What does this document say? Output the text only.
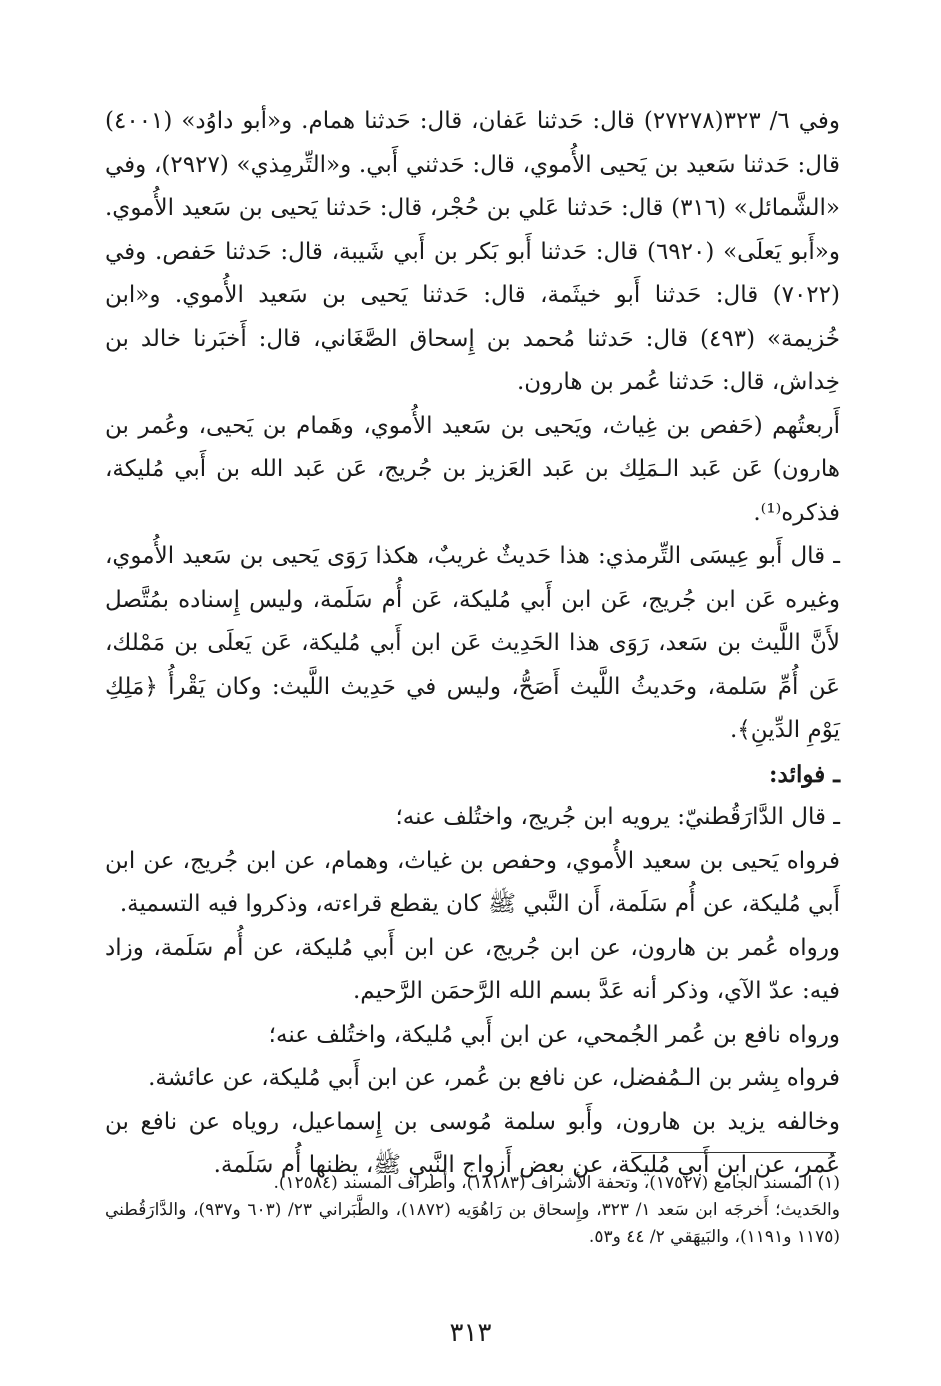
وفي ٦/ ٣٢٣(٢٧٢٧٨) قال: حَدثنا عَفان، قال: حَدثنا همام. و«أبو داوُد» (٤٠٠١) قال: حَدثنا سَعيد بن يَحيى الأُموي، قال: حَدثني أَبي. و«التِّرمِذي» (٢٩٢٧)، وفي «الشَّمائل» (٣١٦) قال: حَدثنا عَلي بن حُجْر، قال: حَدثنا يَحيى بن سَعيد الأُموي. و«أَبو يَعلَى» (٦٩٢٠) قال: حَدثنا أَبو بَكر بن أَبي شَيبة، قال: حَدثنا حَفص. وفي (٧٠٢٢) قال: حَدثنا أَبو خيثَمة، قال: حَدثنا يَحيى بن سَعيد الأُموي. و«ابن خُزيمة» (٤٩٣) قال: حَدثنا مُحمد بن إِسحاق الصَّغَاني، قال: أَخبَرنا خالد بن خِداش، قال: حَدثنا عُمر بن هارون.

أَربعتُهم (حَفص بن غِياث، ويَحيى بن سَعيد الأُموي، وهَمام بن يَحيى، وعُمر بن هارون) عَن عَبد الـمَلِك بن عَبد العَزيز بن جُريج، عَن عَبد الله بن أَبي مُليكة، فذكره⁽¹⁾.

ـ قال أَبو عِيسَى التِّرمذي: هذا حَديثٌ غريبٌ، هكذا رَوَى يَحيى بن سَعيد الأُموي، وغيره عَن ابن جُريج، عَن ابن أَبي مُليكة، عَن أُم سَلَمة، وليس إِسناده بمُتَّصل لأَنَّ اللَّيث بن سَعد، رَوَى هذا الحَدِيث عَن ابن أَبي مُليكة، عَن يَعلَى بن مَمْلك، عَن أُمِّ سَلمة، وحَديثُ اللَّيث أَصَحُّ، وليس في حَدِيث اللَّيث: وكان يَقْرأُ ﴿مَلِكِ يَوْمِ الدِّينِ﴾.

ـ فوائد:

ـ قال الدَّارَقُطنيّ: يرويه ابن جُريج، واختُلف عنه؛

فرواه يَحيى بن سعيد الأُموي، وحفص بن غياث، وهمام، عن ابن جُريج، عن ابن أَبي مُليكة، عن أُم سَلَمة، أَن النَّبي ﷺ كان يقطع قراءته، وذكروا فيه التسمية.

ورواه عُمر بن هارون، عن ابن جُريج، عن ابن أَبي مُليكة، عن أُم سَلَمة، وزاد فيه: عدّ الآي، وذكر أنه عَدَّ بسم الله الرَّحمَن الرَّحيم.

ورواه نافع بن عُمر الجُمحي، عن ابن أَبي مُليكة، واختُلف عنه؛

فرواه بِشر بن الـمُفضل، عن نافع بن عُمر، عن ابن أَبي مُليكة، عن عائشة.

وخالفه يزيد بن هارون، وأَبو سلمة مُوسى بن إِسماعيل، روياه عن نافع بن عُمر، عن ابن أَبي مُليكة، عن بعض أَزواج النَّبي ﷺ، يظنها أُم سَلَمة.

(١) المسند الجامع (١٧٥٢٧)، وتحفة الأشراف (١٨١٨٣)، وأطراف المسند (١٢٥٨٤).

والحَديث؛ أَخرجَه ابن سَعد ١/ ٣٢٣، وإِسحاق بن رَاهُوَيه (١٨٧٢)، والطَّبَراني ٢٣/ (٦٠٣ و٩٣٧)، والدَّارَقُطني (١١٧٥ و١١٩١)، والبَيهَقي ٢/ ٤٤ و٥٣.

٣١٣
